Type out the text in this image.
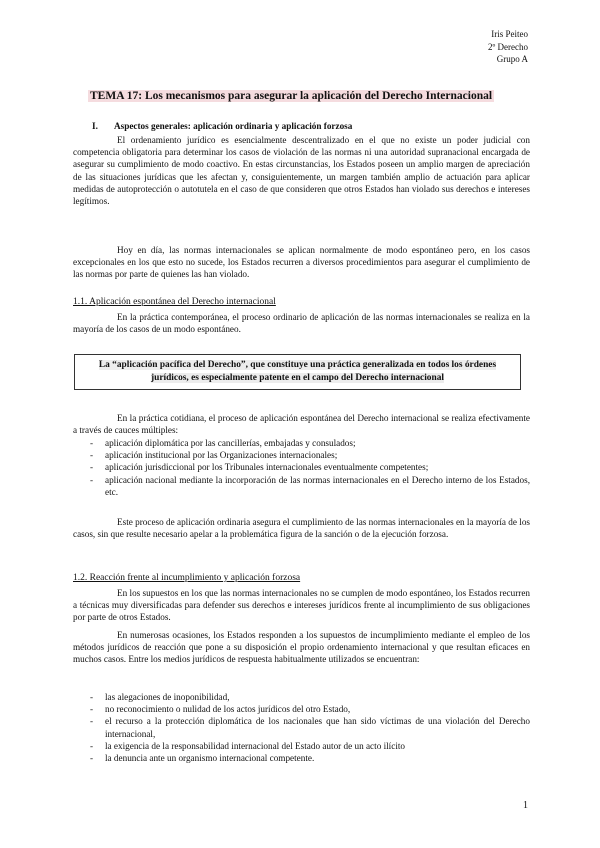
Iris Peiteo
2º Derecho
Grupo A
TEMA 17: Los mecanismos para asegurar la aplicación del Derecho Internacional
I. Aspectos generales: aplicación ordinaria y aplicación forzosa

El ordenamiento jurídico es esencialmente descentralizado en el que no existe un poder judicial con competencia obligatoria para determinar los casos de violación de las normas ni una autoridad supranacional encargada de asegurar su cumplimiento de modo coactivo. En estas circunstancias, los Estados poseen un amplio margen de apreciación de las situaciones jurídicas que les afectan y, consiguientemente, un margen también amplio de actuación para aplicar medidas de autoprotección o autotutela en el caso de que consideren que otros Estados han violado sus derechos e intereses legítimos.

Hoy en día, las normas internacionales se aplican normalmente de modo espontáneo pero, en los casos excepcionales en los que esto no sucede, los Estados recurren a diversos procedimientos para asegurar el cumplimiento de las normas por parte de quienes las han violado.

1.1. Aplicación espontánea del Derecho internacional

En la práctica contemporánea, el proceso ordinario de aplicación de las normas internacionales se realiza en la mayoría de los casos de un modo espontáneo.

La “aplicación pacífica del Derecho”, que constituye una práctica generalizada en todos los órdenes jurídicos, es especialmente patente en el campo del Derecho internacional

En la práctica cotidiana, el proceso de aplicación espontánea del Derecho internacional se realiza efectivamente a través de cauces múltiples:

- aplicación diplomática por las cancillerías, embajadas y consulados;
- aplicación institucional por las Organizaciones internacionales;
- aplicación jurisdiccional por los Tribunales internacionales eventualmente competentes;
- aplicación nacional mediante la incorporación de las normas internacionales en el Derecho interno de los Estados, etc.

Este proceso de aplicación ordinaria asegura el cumplimiento de las normas internacionales en la mayoría de los casos, sin que resulte necesario apelar a la problemática figura de la sanción o de la ejecución forzosa.

1.2. Reacción frente al incumplimiento y aplicación forzosa

En los supuestos en los que las normas internacionales no se cumplen de modo espontáneo, los Estados recurren a técnicas muy diversificadas para defender sus derechos e intereses jurídicos frente al incumplimiento de sus obligaciones por parte de otros Estados.

En numerosas ocasiones, los Estados responden a los supuestos de incumplimiento mediante el empleo de los métodos jurídicos de reacción que pone a su disposición el propio ordenamiento internacional y que resultan eficaces en muchos casos. Entre los medios jurídicos de respuesta habitualmente utilizados se encuentran:

- las alegaciones de inoponibilidad,
- no reconocimiento o nulidad de los actos jurídicos del otro Estado,
- el recurso a la protección diplomática de los nacionales que han sido víctimas de una violación del Derecho internacional,
- la exigencia de la responsabilidad internacional del Estado autor de un acto ilícito
- la denuncia ante un organismo internacional competente.
1
